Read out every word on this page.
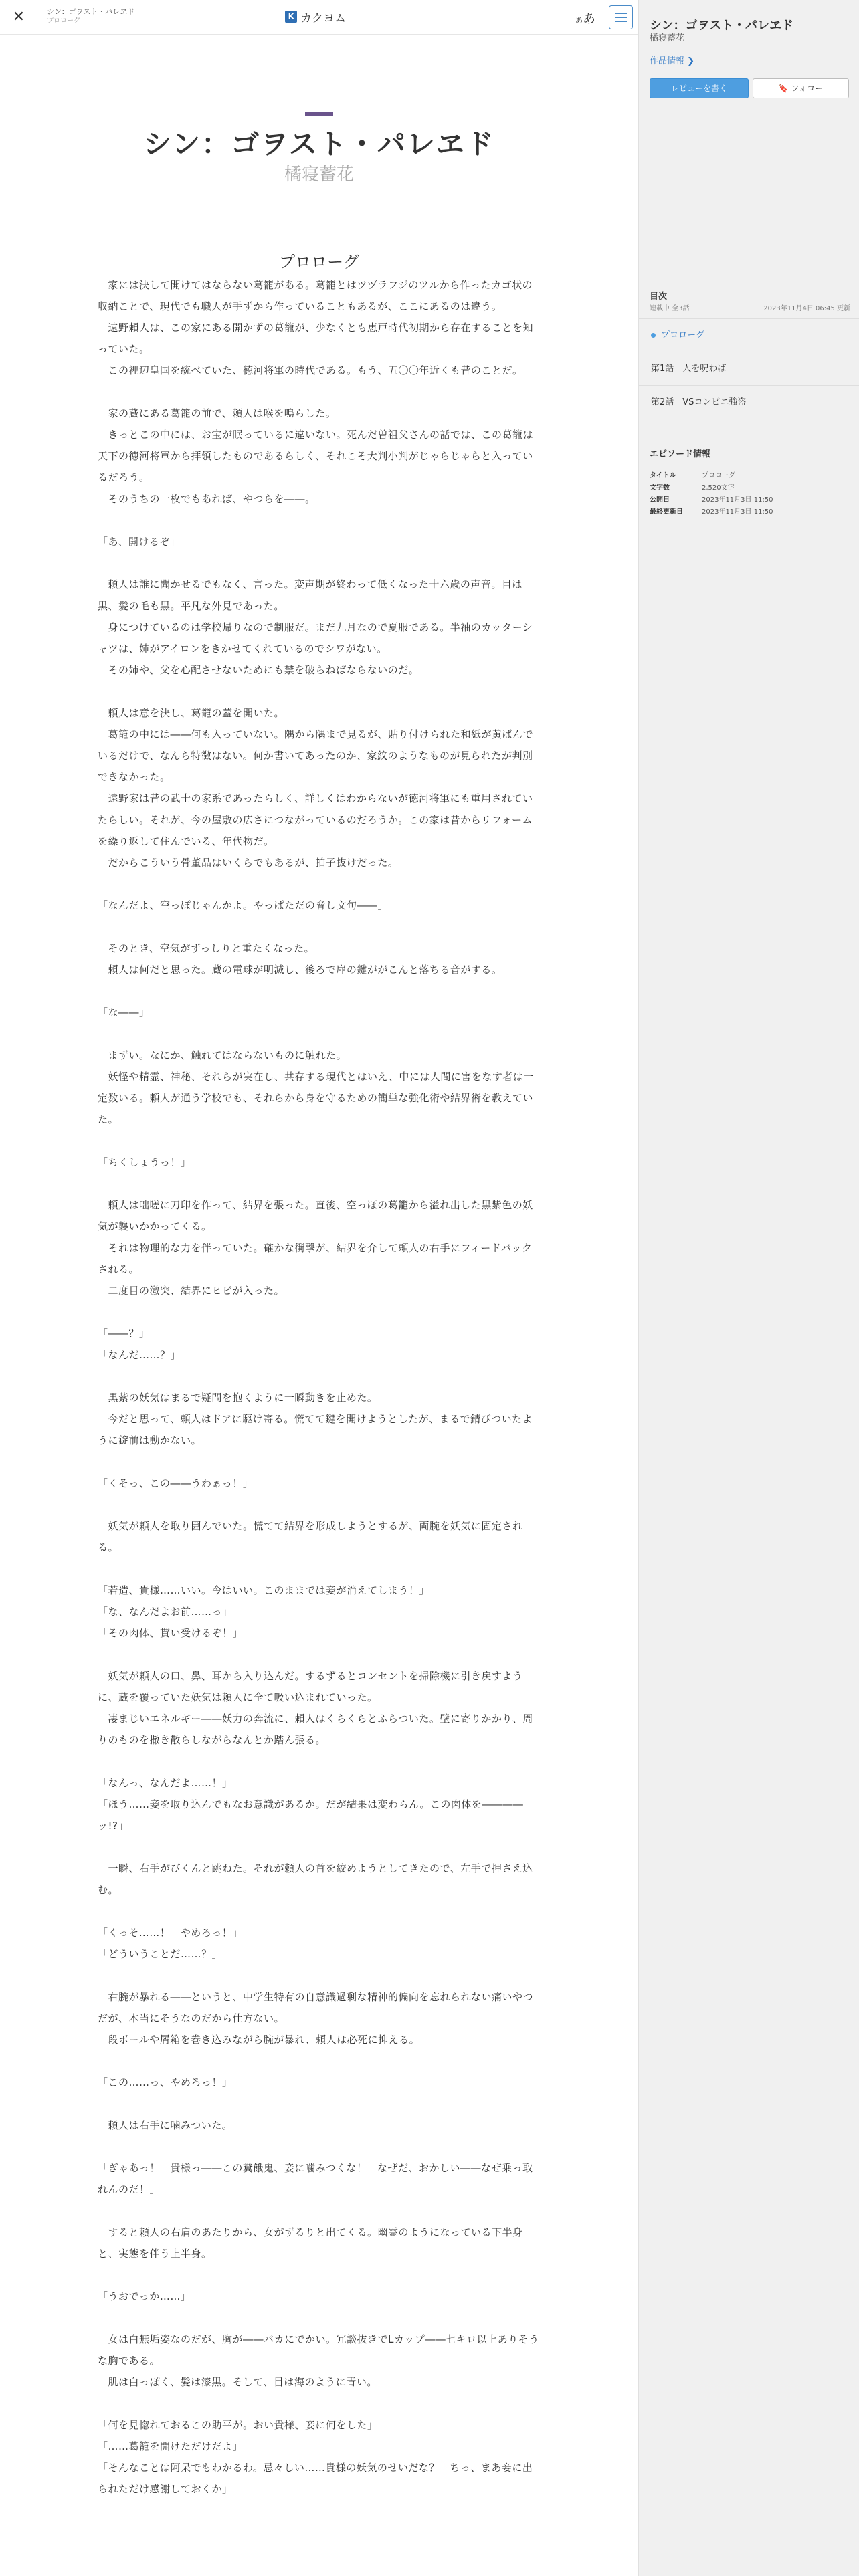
✕	シン：ゴヲスト・パレヱド
プロローグ
K カクヨム	ああ
シン：ゴヲスト・パレヱド
橘寝蓄花
プロローグ

　家には決して開けてはならない葛籠がある。葛籠とはツヅラフジのツルから作ったカゴ状の収納ことで、現代でも職人が手ずから作っていることもあるが、ここにあるのは違う。

　遠野頼人は、この家にある開かずの葛籠が、少なくとも恵戸時代初期から存在することを知っていた。

　この裡辺皇国を統べていた、徳河将軍の時代である。もう、五〇〇年近くも昔のことだ。

　家の蔵にある葛籠の前で、頼人は喉を鳴らした。

　きっとこの中には、お宝が眠っているに違いない。死んだ曽祖父さんの話では、この葛籠は天下の徳河将軍から拝領したものであるらしく、それこそ大判小判がじゃらじゃらと入っているだろう。

　そのうちの一枚でもあれば、やつらを――。

「あ、開けるぞ」

　頼人は誰に聞かせるでもなく、言った。変声期が終わって低くなった十六歳の声音。目は黒、髪の毛も黒。平凡な外見であった。

　身につけているのは学校帰りなので制服だ。まだ九月なので夏服である。半袖のカッターシャツは、姉がアイロンをきかせてくれているのでシワがない。

　その姉や、父を心配させないためにも禁を破らねばならないのだ。

　頼人は意を決し、葛籠の蓋を開いた。

　葛籠の中には――何も入っていない。隅から隅まで見るが、貼り付けられた和紙が黄ばんでいるだけで、なんら特徴はない。何か書いてあったのか、家紋のようなものが見られたが判別できなかった。

　遠野家は昔の武士の家系であったらしく、詳しくはわからないが徳河将軍にも重用されていたらしい。それが、今の屋敷の広さにつながっているのだろうか。この家は昔からリフォームを繰り返して住んでいる、年代物だ。

　だからこういう骨董品はいくらでもあるが、拍子抜けだった。

「なんだよ、空っぽじゃんかよ。やっぱただの脅し文句――」

　そのとき、空気がずっしりと重たくなった。

　頼人は何だと思った。蔵の電球が明滅し、後ろで扉の鍵ががこんと落ちる音がする。

「な――」

　まずい。なにか、触れてはならないものに触れた。

　妖怪や精霊、神秘、それらが実在し、共存する現代とはいえ、中には人間に害をなす者は一定数いる。頼人が通う学校でも、それらから身を守るための簡単な強化術や結界術を教えていた。

「ちくしょうっ！」

　頼人は咄嗟に刀印を作って、結界を張った。直後、空っぽの葛籠から溢れ出した黒紫色の妖気が襲いかかってくる。

　それは物理的な力を伴っていた。確かな衝撃が、結界を介して頼人の右手にフィードバックされる。

　二度目の激突、結界にヒビが入った。

「――？」

「なんだ……？」

　黒紫の妖気はまるで疑問を抱くように一瞬動きを止めた。

　今だと思って、頼人はドアに駆け寄る。慌てて鍵を開けようとしたが、まるで錆びついたように錠前は動かない。

「くそっ、この――うわぁっ！」

　妖気が頼人を取り囲んでいた。慌てて結界を形成しようとするが、両腕を妖気に固定される。

「若造、貴様……いい。今はいい。このままでは妾が消えてしまう！」

「な、なんだよお前……っ」

「その肉体、貰い受けるぞ！」

　妖気が頼人の口、鼻、耳から入り込んだ。するずるとコンセントを掃除機に引き戻すように、蔵を覆っていた妖気は頼人に全て吸い込まれていった。

　凄まじいエネルギー――妖力の奔流に、頼人はくらくらとふらついた。壁に寄りかかり、周りのものを撒き散らしながらなんとか踏ん張る。

「なんっ、なんだよ……！」

「ほう……妾を取り込んでもなお意識があるか。だが結果は変わらん。この肉体を――――ッ!?」

　一瞬、右手がびくんと跳ねた。それが頼人の首を絞めようとしてきたので、左手で押さえ込む。

「くっそ……！　やめろっ！」

「どういうことだ……？」

　右腕が暴れる――というと、中学生特有の自意識過剰な精神的偏向を忘れられない痛いやつだが、本当にそうなのだから仕方ない。

　段ボールや屑箱を巻き込みながら腕が暴れ、頼人は必死に抑える。

「この……っ、やめろっ！」

　頼人は右手に噛みついた。

「ぎゃあっ！　貴様っ――この糞餓鬼、妾に噛みつくな！　なぜだ、おかしい――なぜ乗っ取れんのだ！」

　すると頼人の右肩のあたりから、女がずるりと出てくる。幽霊のようになっている下半身と、実態を伴う上半身。

「うおでっか……」

　女は白無垢姿なのだが、胸が――バカにでかい。冗談抜きでLカップ――七キロ以上ありそうな胸である。

　肌は白っぽく、髪は漆黒。そして、目は海のように青い。

「何を見惚れておるこの助平が。おい貴様、妾に何をした」

「……葛籠を開けただけだよ」

「そんなことは阿呆でもわかるわ。忌々しい……貴様の妖気のせいだな？　ちっ、まあ妾に出られただけ感謝しておくか」

シン：ゴヲスト・パレヱド
橘寝蓄花
作品情報 ❯
レビューを書く	🔖 フォロー
目次
連載中 全3話	2023年11月4日 06:45 更新
プロローグ
第1話　人を呪わば
第2話　VSコンビニ強盗
エピソード情報
タイトル	プロローグ
文字数	2,520文字
公開日	2023年11月3日 11:50
最終更新日	2023年11月3日 11:50
